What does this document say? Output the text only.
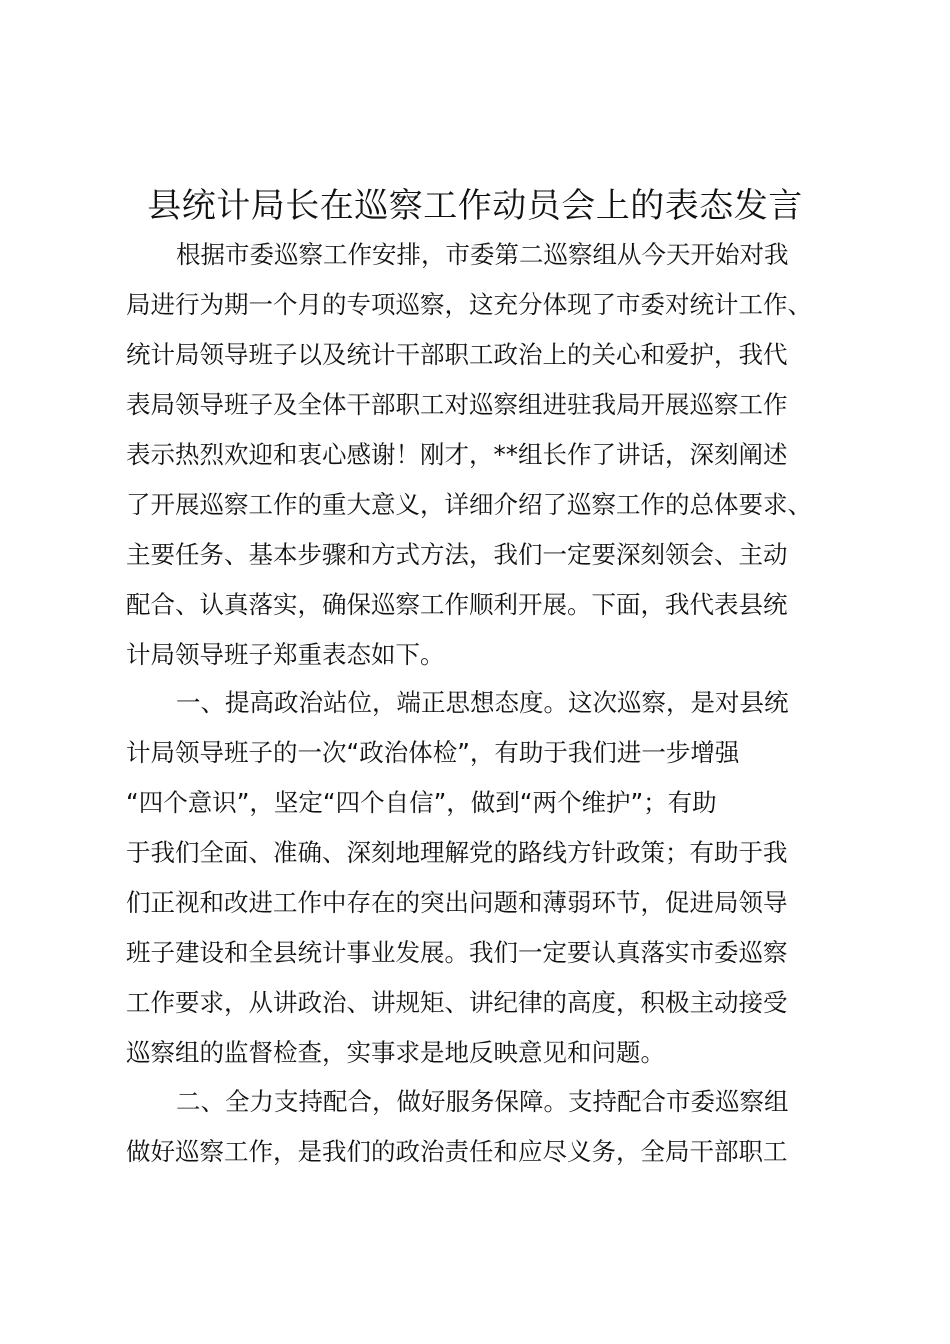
县统计局长在巡察工作动员会上的表态发言
根据市委巡察工作安排，市委第二巡察组从今天开始对我
局进行为期一个月的专项巡察，这充分体现了市委对统计工作、
统计局领导班子以及统计干部职工政治上的关心和爱护，我代
表局领导班子及全体干部职工对巡察组进驻我局开展巡察工作
表示热烈欢迎和衷心感谢！刚才，**组长作了讲话，深刻阐述
了开展巡察工作的重大意义，详细介绍了巡察工作的总体要求、
主要任务、基本步骤和方式方法，我们一定要深刻领会、主动
配合、认真落实，确保巡察工作顺利开展。下面，我代表县统
计局领导班子郑重表态如下。
一、提高政治站位，端正思想态度。这次巡察，是对县统
计局领导班子的一次“政治体检”，有助于我们进一步增强
“四个意识”，坚定“四个自信”，做到“两个维护”；有助
于我们全面、准确、深刻地理解党的路线方针政策；有助于我
们正视和改进工作中存在的突出问题和薄弱环节，促进局领导
班子建设和全县统计事业发展。我们一定要认真落实市委巡察
工作要求，从讲政治、讲规矩、讲纪律的高度，积极主动接受
巡察组的监督检查，实事求是地反映意见和问题。
二、全力支持配合，做好服务保障。支持配合市委巡察组
做好巡察工作，是我们的政治责任和应尽义务，全局干部职工
